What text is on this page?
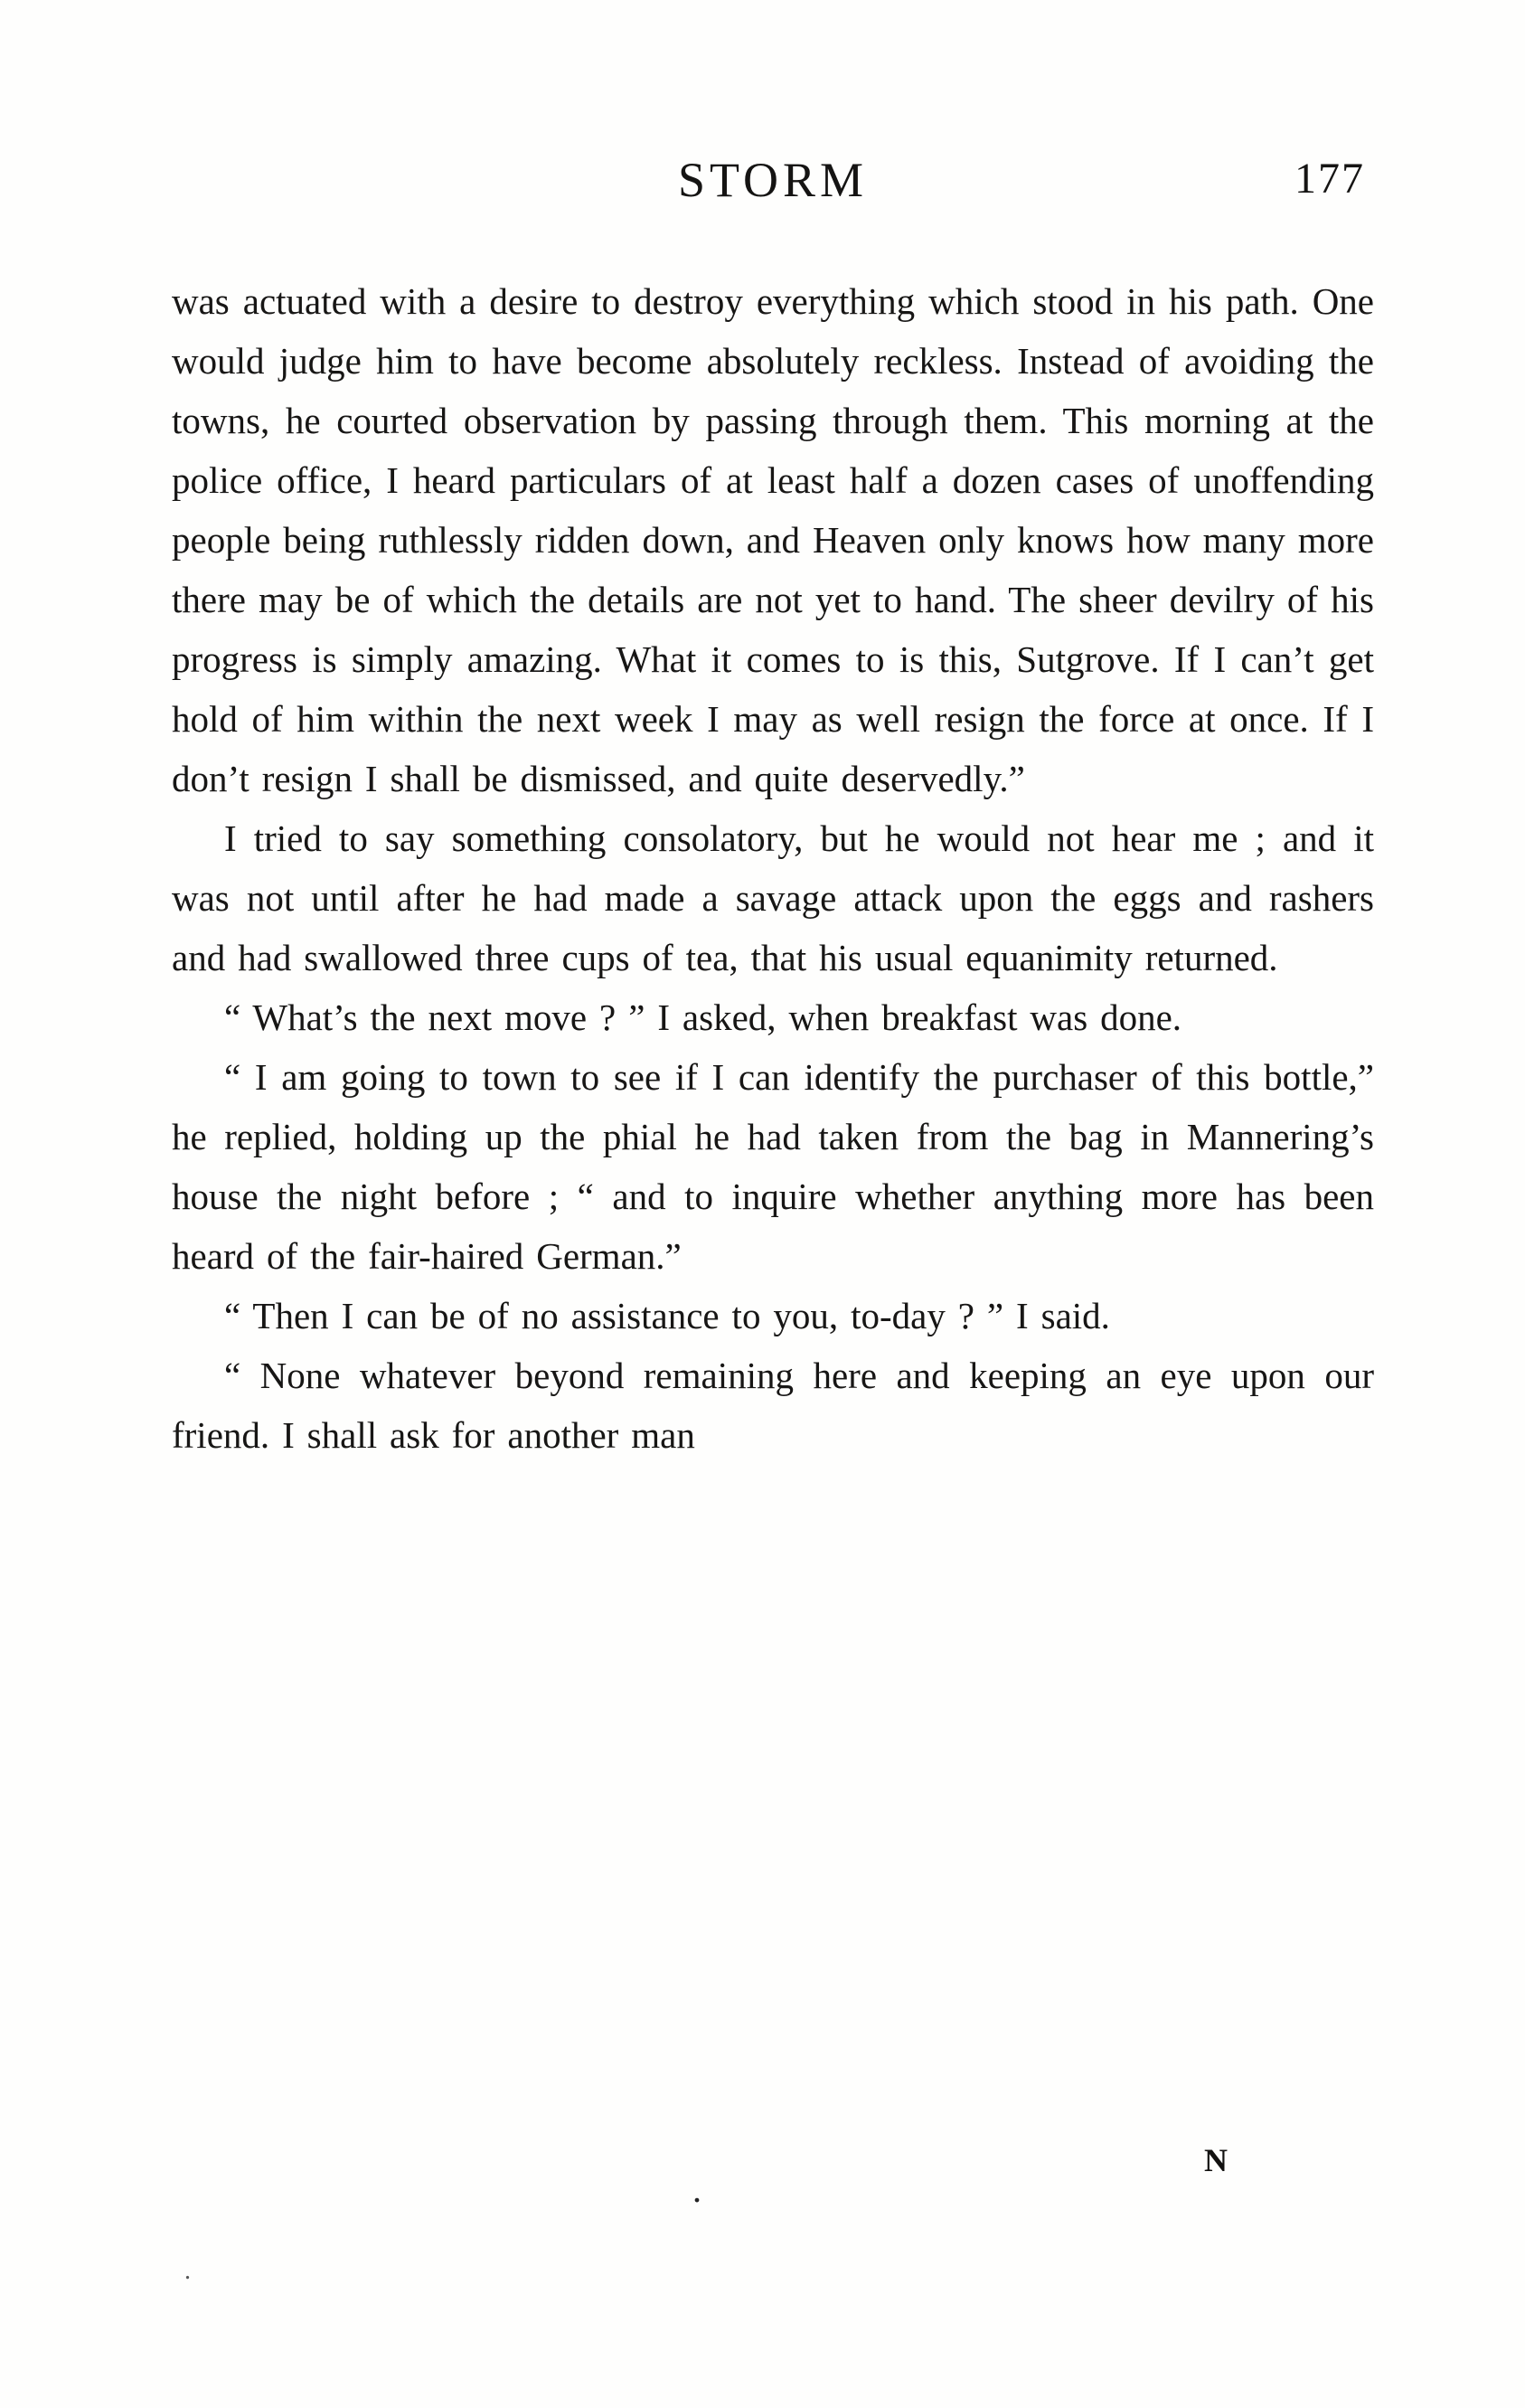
STORM	177

was actuated with a desire to destroy everything which stood in his path. One would judge him to have become absolutely reckless. Instead of avoiding the towns, he courted observation by passing through them. This morning at the police office, I heard particulars of at least half a dozen cases of unoffending people being ruthlessly ridden down, and Heaven only knows how many more there may be of which the details are not yet to hand. The sheer devilry of his progress is simply amazing. What it comes to is this, Sutgrove. If I can’t get hold of him within the next week I may as well resign the force at once. If I don’t resign I shall be dismissed, and quite deservedly.”

I tried to say something consolatory, but he would not hear me ; and it was not until after he had made a savage attack upon the eggs and rashers and had swallowed three cups of tea, that his usual equanimity returned.

“ What’s the next move ? ” I asked, when breakfast was done.

“ I am going to town to see if I can identify the purchaser of this bottle,” he replied, holding up the phial he had taken from the bag in Mannering’s house the night before ; “ and to inquire whether anything more has been heard of the fair-haired German.”

“ Then I can be of no assistance to you, to-day ? ” I said.

“ None whatever beyond remaining here and keeping an eye upon our friend. I shall ask for another man

N
.
.
